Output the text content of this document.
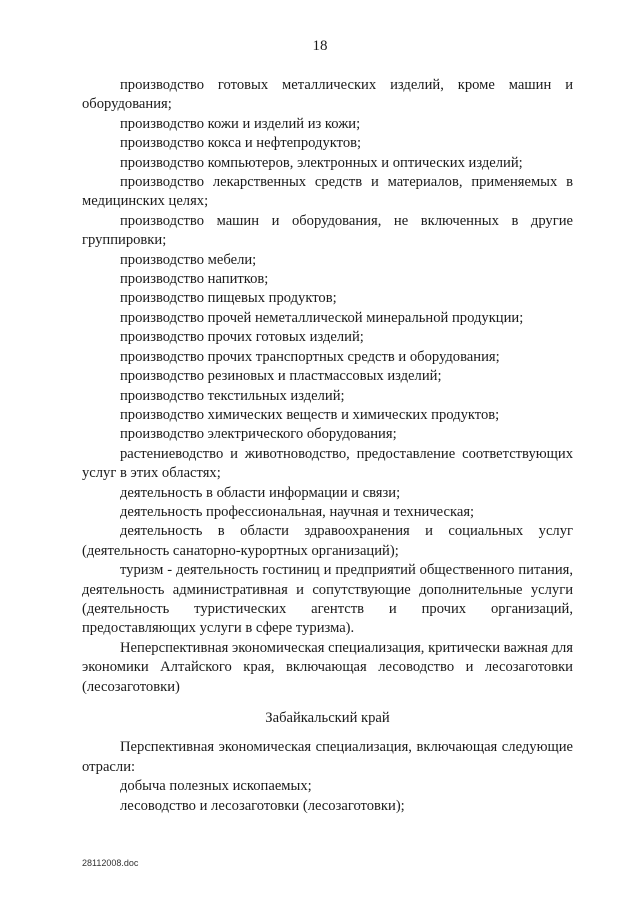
18

производство готовых металлических изделий, кроме машин и оборудования;

производство кожи и изделий из кожи;

производство кокса и нефтепродуктов;

производство компьютеров, электронных и оптических изделий;

производство лекарственных средств и материалов, применяемых в медицинских целях;

производство машин и оборудования, не включенных в другие группировки;

производство мебели;

производство напитков;

производство пищевых продуктов;

производство прочей неметаллической минеральной продукции;

производство прочих готовых изделий;

производство прочих транспортных средств и оборудования;

производство резиновых и пластмассовых изделий;

производство текстильных изделий;

производство химических веществ и химических продуктов;

производство электрического оборудования;

растениеводство и животноводство, предоставление соответствующих услуг в этих областях;

деятельность в области информации и связи;

деятельность профессиональная, научная и техническая;

деятельность в области здравоохранения и социальных услуг (деятельность санаторно-курортных организаций);

туризм - деятельность гостиниц и предприятий общественного питания, деятельность административная и сопутствующие дополнительные услуги (деятельность туристических агентств и прочих организаций, предоставляющих услуги в сфере туризма).

Неперспективная экономическая специализация, критически важная для экономики Алтайского края, включающая лесоводство и лесозаготовки (лесозаготовки)

Забайкальский край

Перспективная экономическая специализация, включающая следующие отрасли:

добыча полезных ископаемых;

лесоводство и лесозаготовки (лесозаготовки);

28112008.doc
